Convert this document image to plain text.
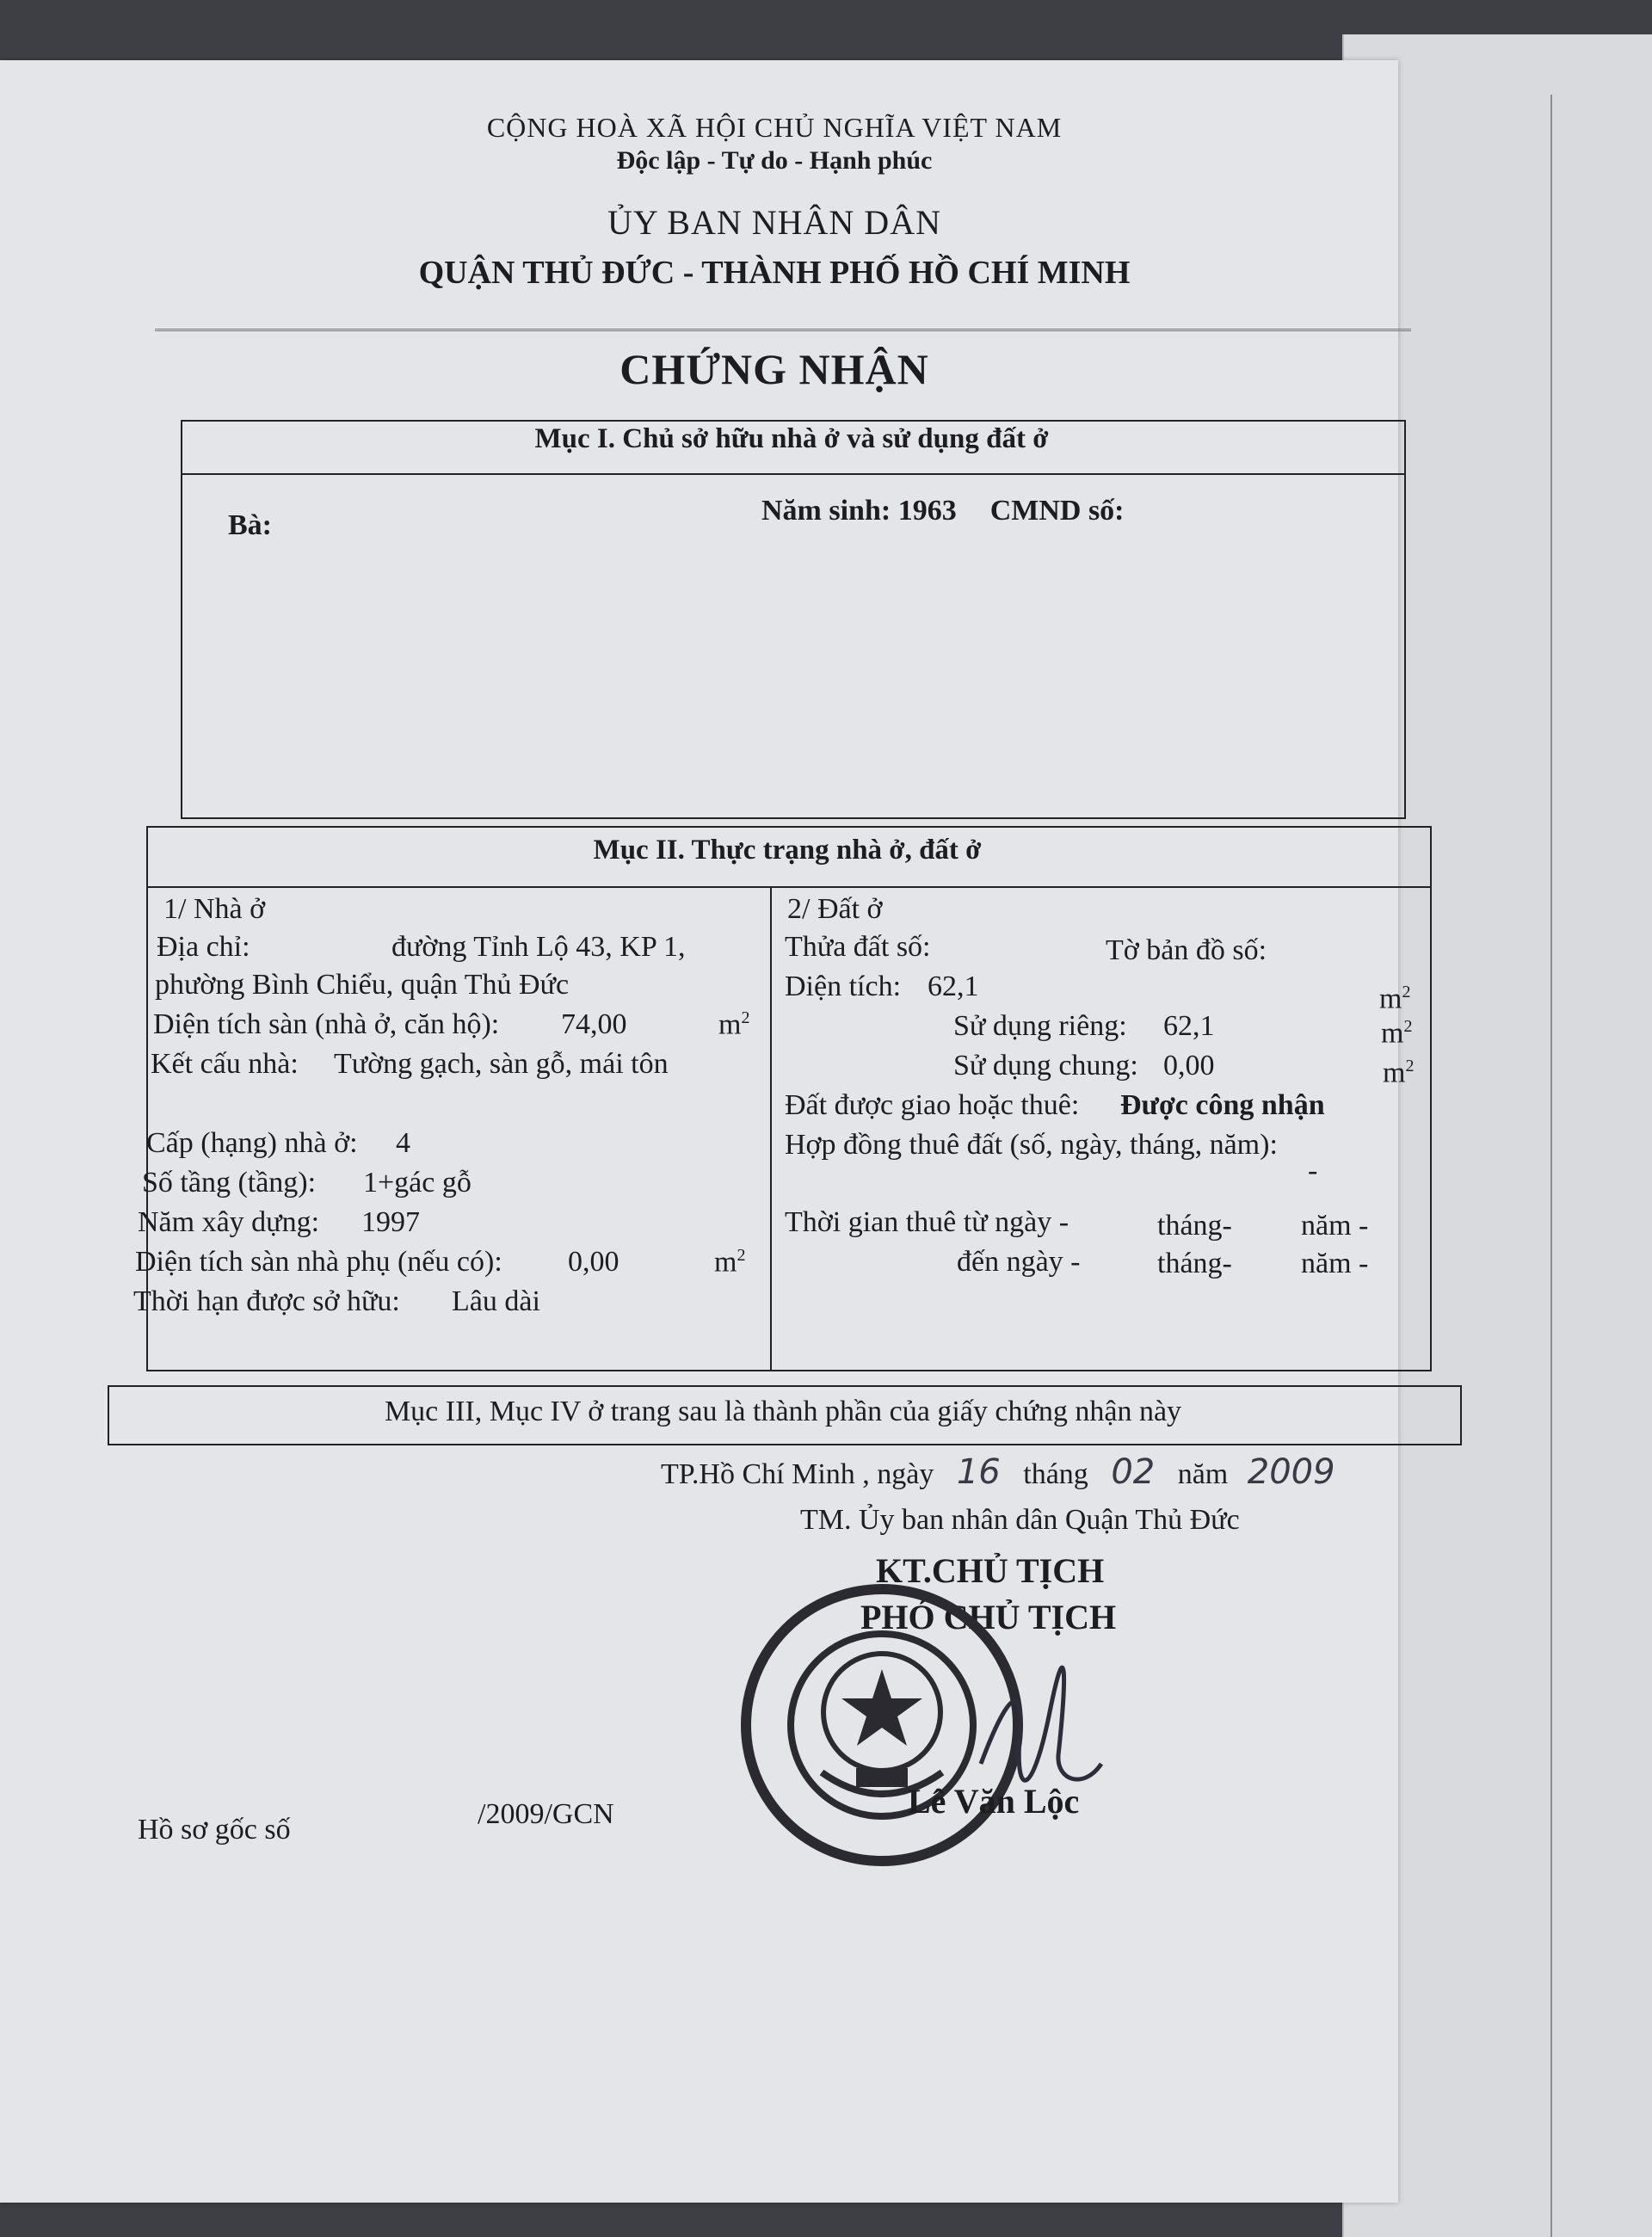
CỘNG HOÀ XÃ HỘI CHỦ NGHĨA VIỆT NAM
Độc lập - Tự do - Hạnh phúc
ỦY BAN NHÂN DÂN
QUẬN THỦ ĐỨC - THÀNH PHỐ HỒ CHÍ MINH
CHỨNG NHẬN
Mục I. Chủ sở hữu nhà ở và sử dụng đất ở
Bà:	Năm sinh: 1963 CMND số:
Mục II. Thực trạng nhà ở, đất ở
1/ Nhà ở
Địa chỉ:	đường Tỉnh Lộ 43, KP 1,
phường Bình Chiểu, quận Thủ Đức
Diện tích sàn (nhà ở, căn hộ): 74,00	$m^2$
Kết cấu nhà: Tường gạch, sàn gỗ, mái tôn
Cấp (hạng) nhà ở: 4
Số tầng (tầng): 1+gác gỗ
Năm xây dựng: 1997
Diện tích sàn nhà phụ (nếu có): 0,00	$m^2$
Thời hạn được sở hữu: Lâu dài
2/ Đất ở
Thửa đất số:	Tờ bản đồ số:
Diện tích: 62,1	$m^2$
Sử dụng riêng: 62,1	$m^2$
Sử dụng chung: 0,00	$m^2$
Đất được giao hoặc thuê: Được công nhận
Hợp đồng thuê đất (số, ngày, tháng, năm):
-
Thời gian thuê từ ngày -	tháng- năm -
đến ngày -	tháng- năm -
Mục III, Mục IV ở trang sau là thành phần của giấy chứng nhận này
TP.Hồ Chí Minh , ngày 16 tháng 02 năm 2009
TM. Ủy ban nhân dân Quận Thủ Đức
KT.CHỦ TỊCH
PHÓ CHỦ TỊCH
Lê Văn Lộc
Hồ sơ gốc số	/2009/GCN
